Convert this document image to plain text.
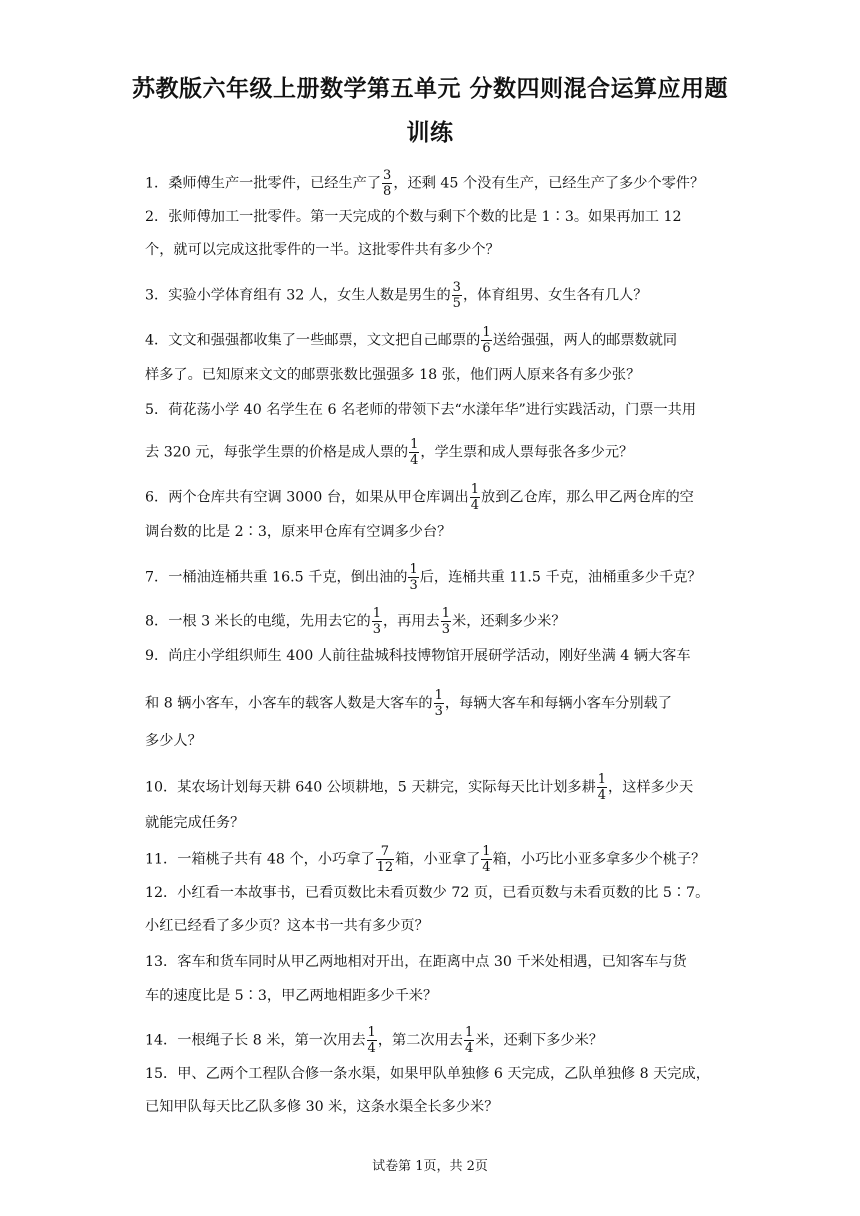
苏教版六年级上册数学第五单元 分数四则混合运算应用题
训练
1．桑师傅生产一批零件，已经生产了 $\frac{3}{8}$ ，还剩 45 个没有生产，已经生产了多少个零件？
2．张师傅加工一批零件。第一天完成的个数与剩下个数的比是 1∶3。如果再加工 12
个，就可以完成这批零件的一半。这批零件共有多少个？
3．实验小学体育组有 32 人，女生人数是男生的 $\frac{3}{5}$ ，体育组男、女生各有几人？
4．文文和强强都收集了一些邮票，文文把自己邮票的 $\frac{1}{6}$ 送给强强，两人的邮票数就同
样多了。已知原来文文的邮票张数比强强多 18 张，他们两人原来各有多少张？
5．荷花荡小学 40 名学生在 6 名老师的带领下去“水漾年华”进行实践活动，门票一共用
去 320 元，每张学生票的价格是成人票的 $\frac{1}{4}$ ，学生票和成人票每张各多少元？
6．两个仓库共有空调 3000 台，如果从甲仓库调出 $\frac{1}{4}$ 放到乙仓库，那么甲乙两仓库的空
调台数的比是 2∶3，原来甲仓库有空调多少台？
7．一桶油连桶共重 16.5 千克，倒出油的 $\frac{1}{3}$ 后，连桶共重 11.5 千克，油桶重多少千克？
8．一根 3 米长的电缆，先用去它的 $\frac{1}{3}$ ，再用去 $\frac{1}{3}$ 米，还剩多少米？
9．尚庄小学组织师生 400 人前往盐城科技博物馆开展研学活动，刚好坐满 4 辆大客车
和 8 辆小客车，小客车的载客人数是大客车的 $\frac{1}{3}$ ，每辆大客车和每辆小客车分别载了
多少人？
10．某农场计划每天耕 640 公顷耕地，5 天耕完，实际每天比计划多耕 $\frac{1}{4}$ ，这样多少天
就能完成任务？
11．一箱桃子共有 48 个，小巧拿了 $\frac{7}{12}$ 箱，小亚拿了 $\frac{1}{4}$ 箱，小巧比小亚多拿多少个桃子？
12．小红看一本故事书，已看页数比未看页数少 72 页，已看页数与未看页数的比 5∶7。
小红已经看了多少页？这本书一共有多少页？
13．客车和货车同时从甲乙两地相对开出，在距离中点 30 千米处相遇，已知客车与货
车的速度比是 5∶3，甲乙两地相距多少千米？
14．一根绳子长 8 米，第一次用去 $\frac{1}{4}$ ，第二次用去 $\frac{1}{4}$ 米，还剩下多少米？
15．甲、乙两个工程队合修一条水渠，如果甲队单独修 6 天完成，乙队单独修 8 天完成，
已知甲队每天比乙队多修 30 米，这条水渠全长多少米？
试卷第 1页，共 2页
